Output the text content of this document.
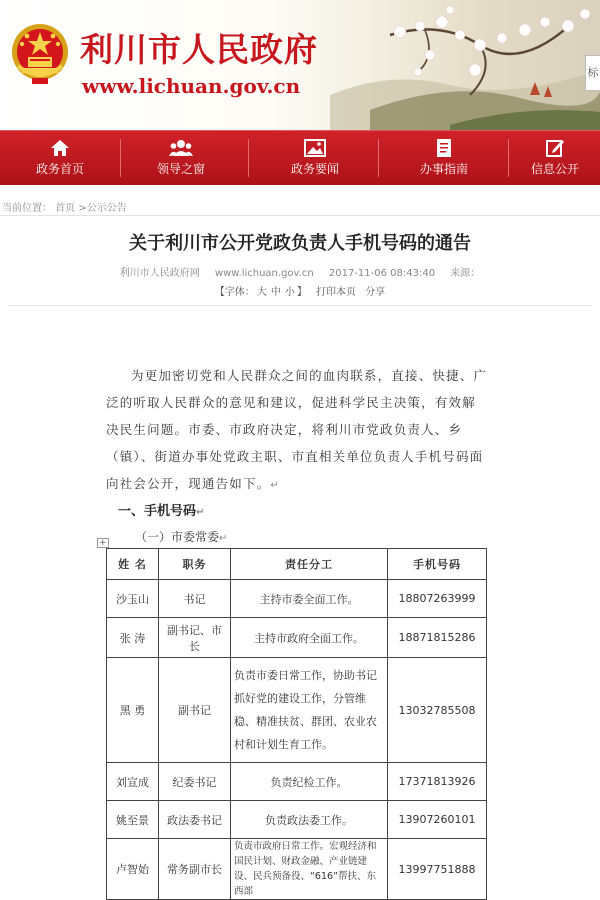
利川市人民政府
www.lichuan.gov.cn
标
政务首页	领导之窗	政务要闻	办事指南	信息公开
当前位置： 首页 >公示公告
关于利川市公开党政负责人手机号码的通告
利川市人民政府网 www.lichuan.gov.cn 2017-11-06 08:43:40 来源：
【字体： 大 中 小 】 打印本页 分享
为更加密切党和人民群众之间的血肉联系，直接、快捷、广泛的听取人民群众的意见和建议，促进科学民主决策，有效解决民生问题。市委、市政府决定，将利川市党政负责人、乡（镇）、街道办事处党政主职、市直相关单位负责人手机号码面向社会公开，现通告如下。↵
一、手机号码↵
（一）市委常委↵
+
姓 名	职务	责任分工	手机号码
沙玉山	书记	主持市委全面工作。	18807263999
张 涛	副书记、市长	主持市政府全面工作。	18871815286
黑 勇	副书记	负责市委日常工作，协助书记抓好党的建设工作，分管维稳、精准扶贫、群团、农业农村和计划生育工作。	13032785508
刘宣成	纪委书记	负责纪检工作。	17371813926
姚至景	政法委书记	负责政法委工作。	13907260101
卢智始	常务副市长	负责市政府日常工作。宏观经济和国民计划、财政金融、产业链建设、民兵预备役、“616”帮扶、东西部	13997751888
